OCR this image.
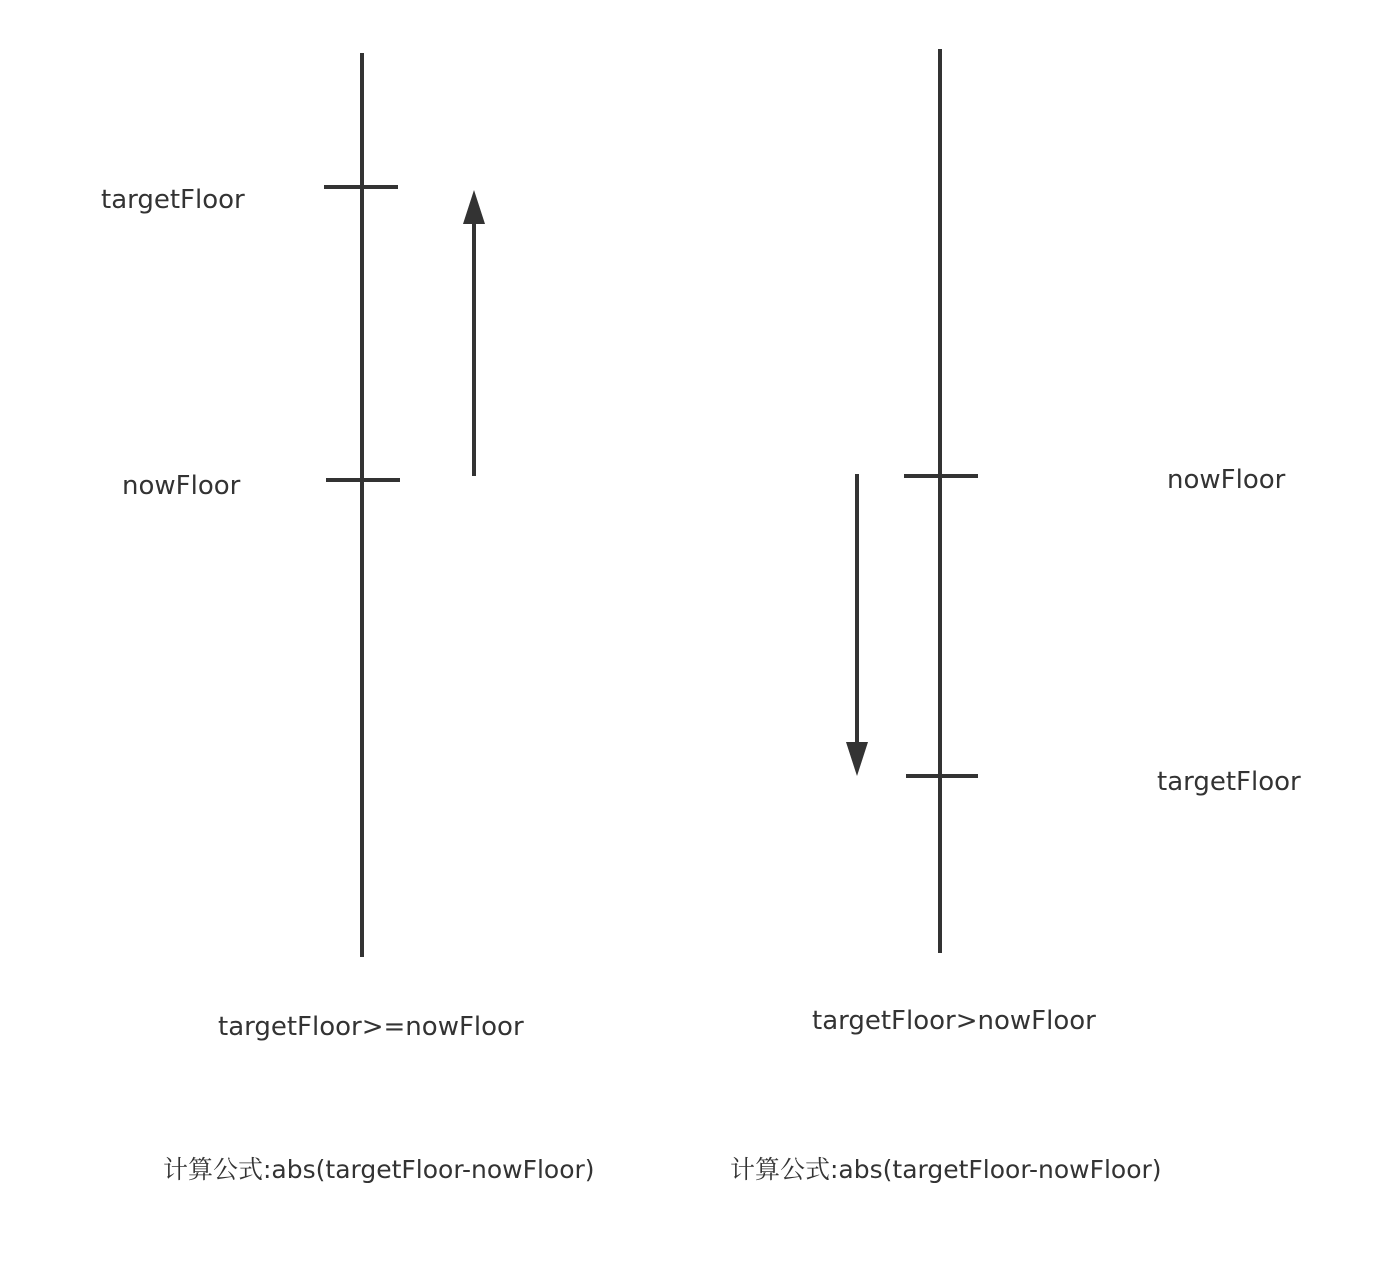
targetFloor
nowFloor
targetFloor>=nowFloor
计算公式:abs(targetFloor-nowFloor)
nowFloor
targetFloor
targetFloor>nowFloor
计算公式:abs(targetFloor-nowFloor)
